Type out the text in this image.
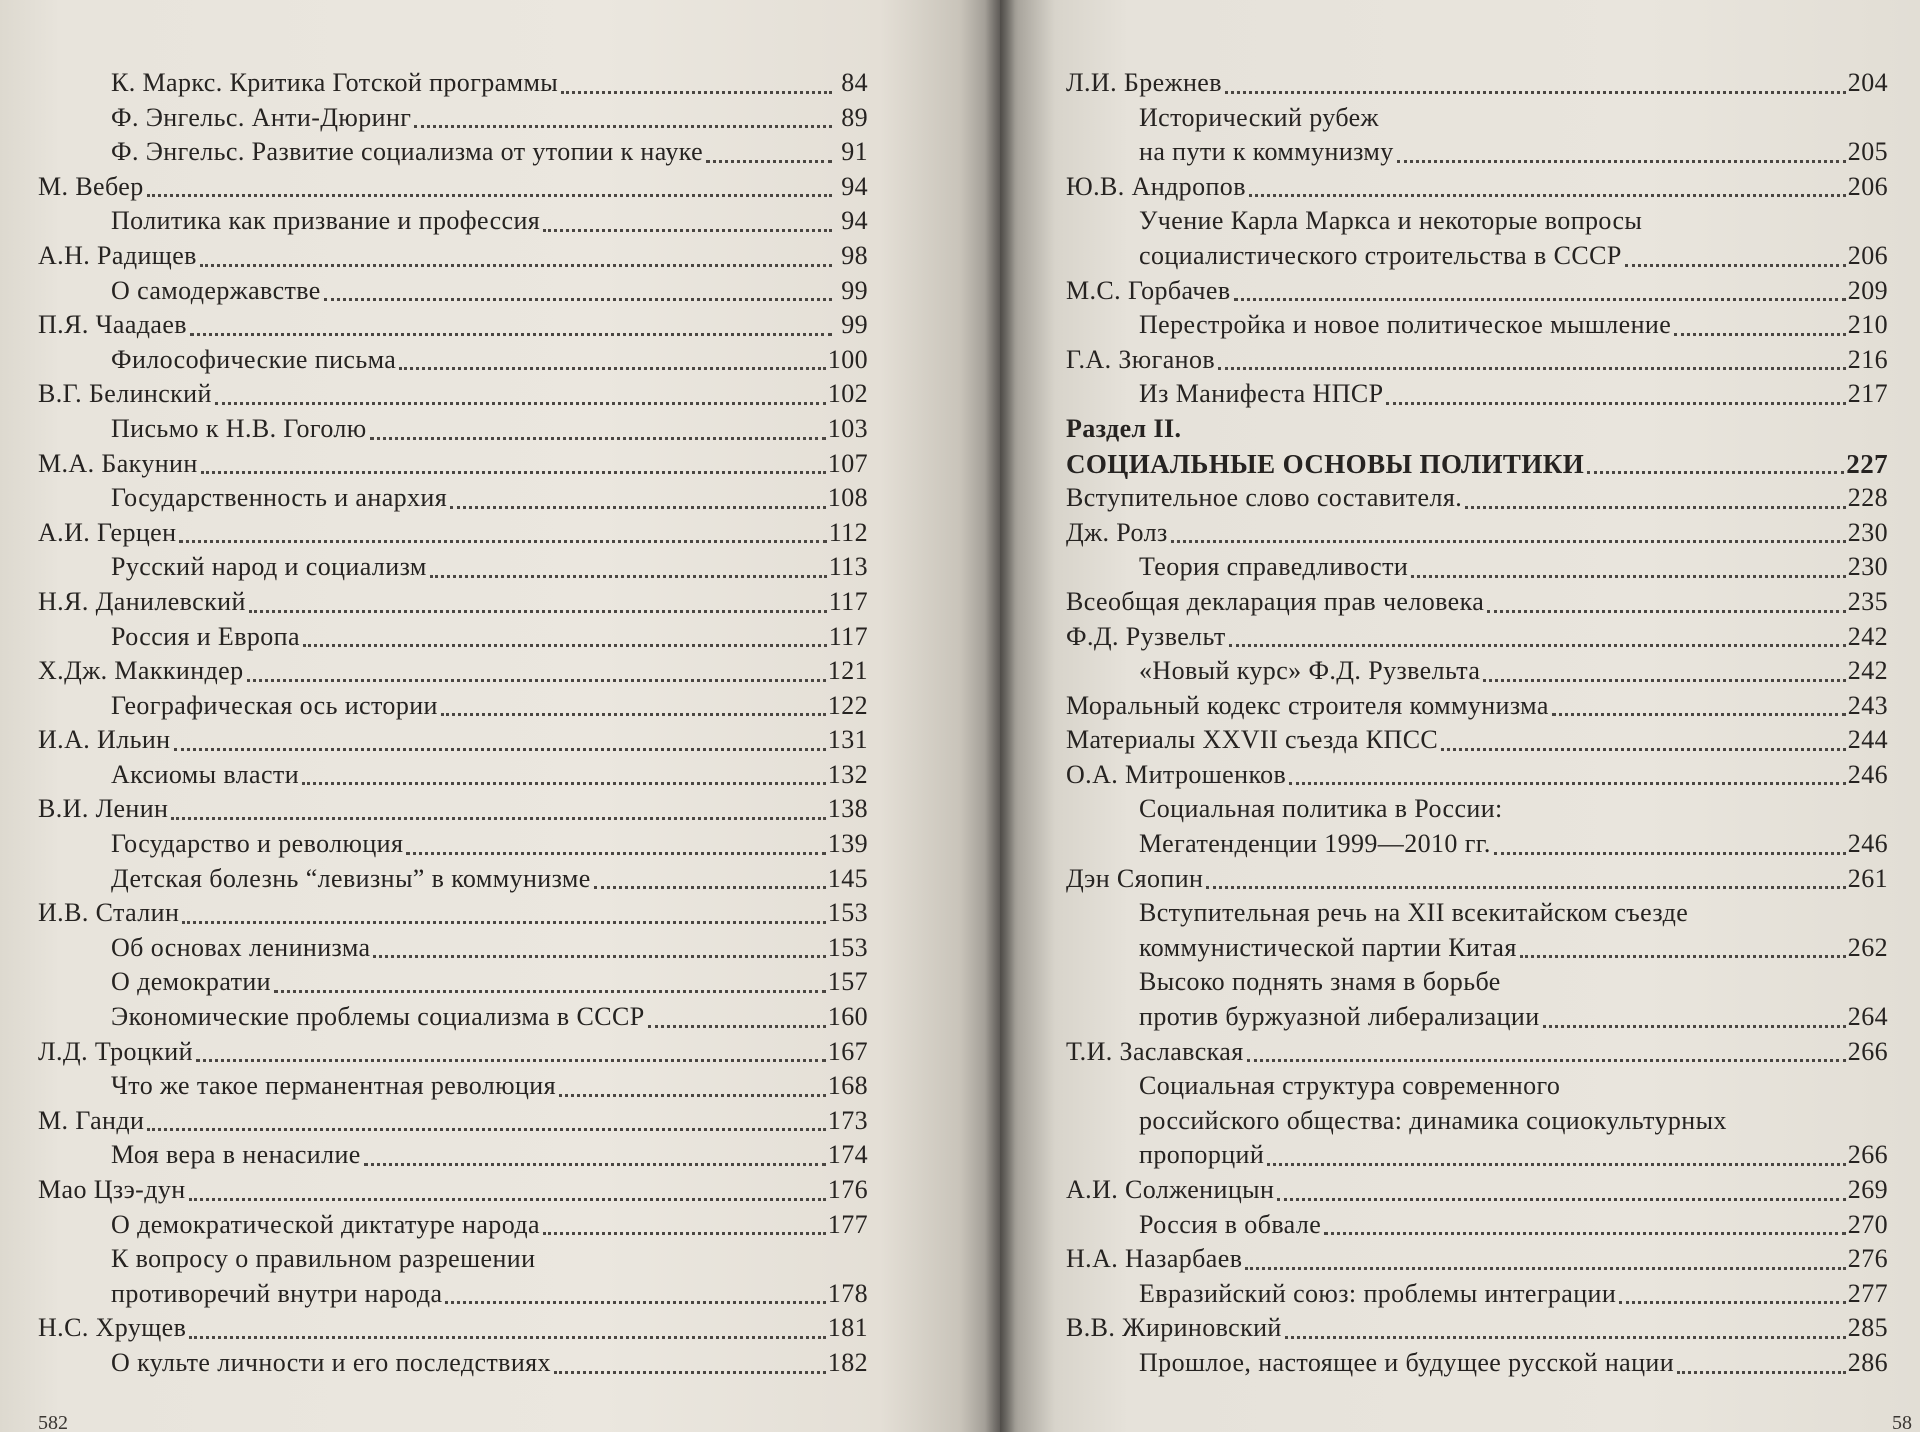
К. Маркс. Критика Готской программы	84
Ф. Энгельс. Анти-Дюринг	89
Ф. Энгельс. Развитие социализма от утопии к науке	91
М. Вебер	94
Политика как призвание и профессия	94
А.Н. Радищев	98
О самодержавстве	99
П.Я. Чаадаев	99
Философические письма	100
В.Г. Белинский	102
Письмо к Н.В. Гоголю	103
М.А. Бакунин	107
Государственность и анархия	108
А.И. Герцен	112
Русский народ и социализм	113
Н.Я. Данилевский	117
Россия и Европа	117
Х.Дж. Маккиндер	121
Географическая ось истории	122
И.А. Ильин	131
Аксиомы власти	132
В.И. Ленин	138
Государство и революция	139
Детская болезнь “левизны” в коммунизме	145
И.В. Сталин	153
Об основах ленинизма	153
О демократии	157
Экономические проблемы социализма в СССР	160
Л.Д. Троцкий	167
Что же такое перманентная революция	168
М. Ганди	173
Моя вера в ненасилие	174
Мао Цзэ-дун	176
О демократической диктатуре народа	177
К вопросу о правильном разрешении
противоречий внутри народа	178
Н.С. Хрущев	181
О культе личности и его последствиях	182
582
Л.И. Брежнев	204
Исторический рубеж
на пути к коммунизму	205
Ю.В. Андропов	206
Учение Карла Маркса и некоторые вопросы
социалистического строительства в СССР	206
М.С. Горбачев	209
Перестройка и новое политическое мышление	210
Г.А. Зюганов	216
Из Манифеста НПСР	217
Раздел II.
СОЦИАЛЬНЫЕ ОСНОВЫ ПОЛИТИКИ	227
Вступительное слово составителя.	228
Дж. Ролз	230
Теория справедливости	230
Всеобщая декларация прав человека	235
Ф.Д. Рузвельт	242
«Новый курс» Ф.Д. Рузвельта	242
Моральный кодекс строителя коммунизма	243
Материалы XXVII съезда КПСС	244
О.А. Митрошенков	246
Социальная политика в России:
Мегатенденции 1999—2010 гг.	246
Дэн Сяопин	261
Вступительная речь на XII всекитайском съезде
коммунистической партии Китая	262
Высоко поднять знамя в борьбе
против буржуазной либерализации	264
Т.И. Заславская	266
Социальная структура современного
российского общества: динамика социокультурных
пропорций	266
А.И. Солженицын	269
Россия в обвале	270
Н.А. Назарбаев	276
Евразийский союз: проблемы интеграции	277
В.В. Жириновский	285
Прошлое, настоящее и будущее русской нации	286
58
